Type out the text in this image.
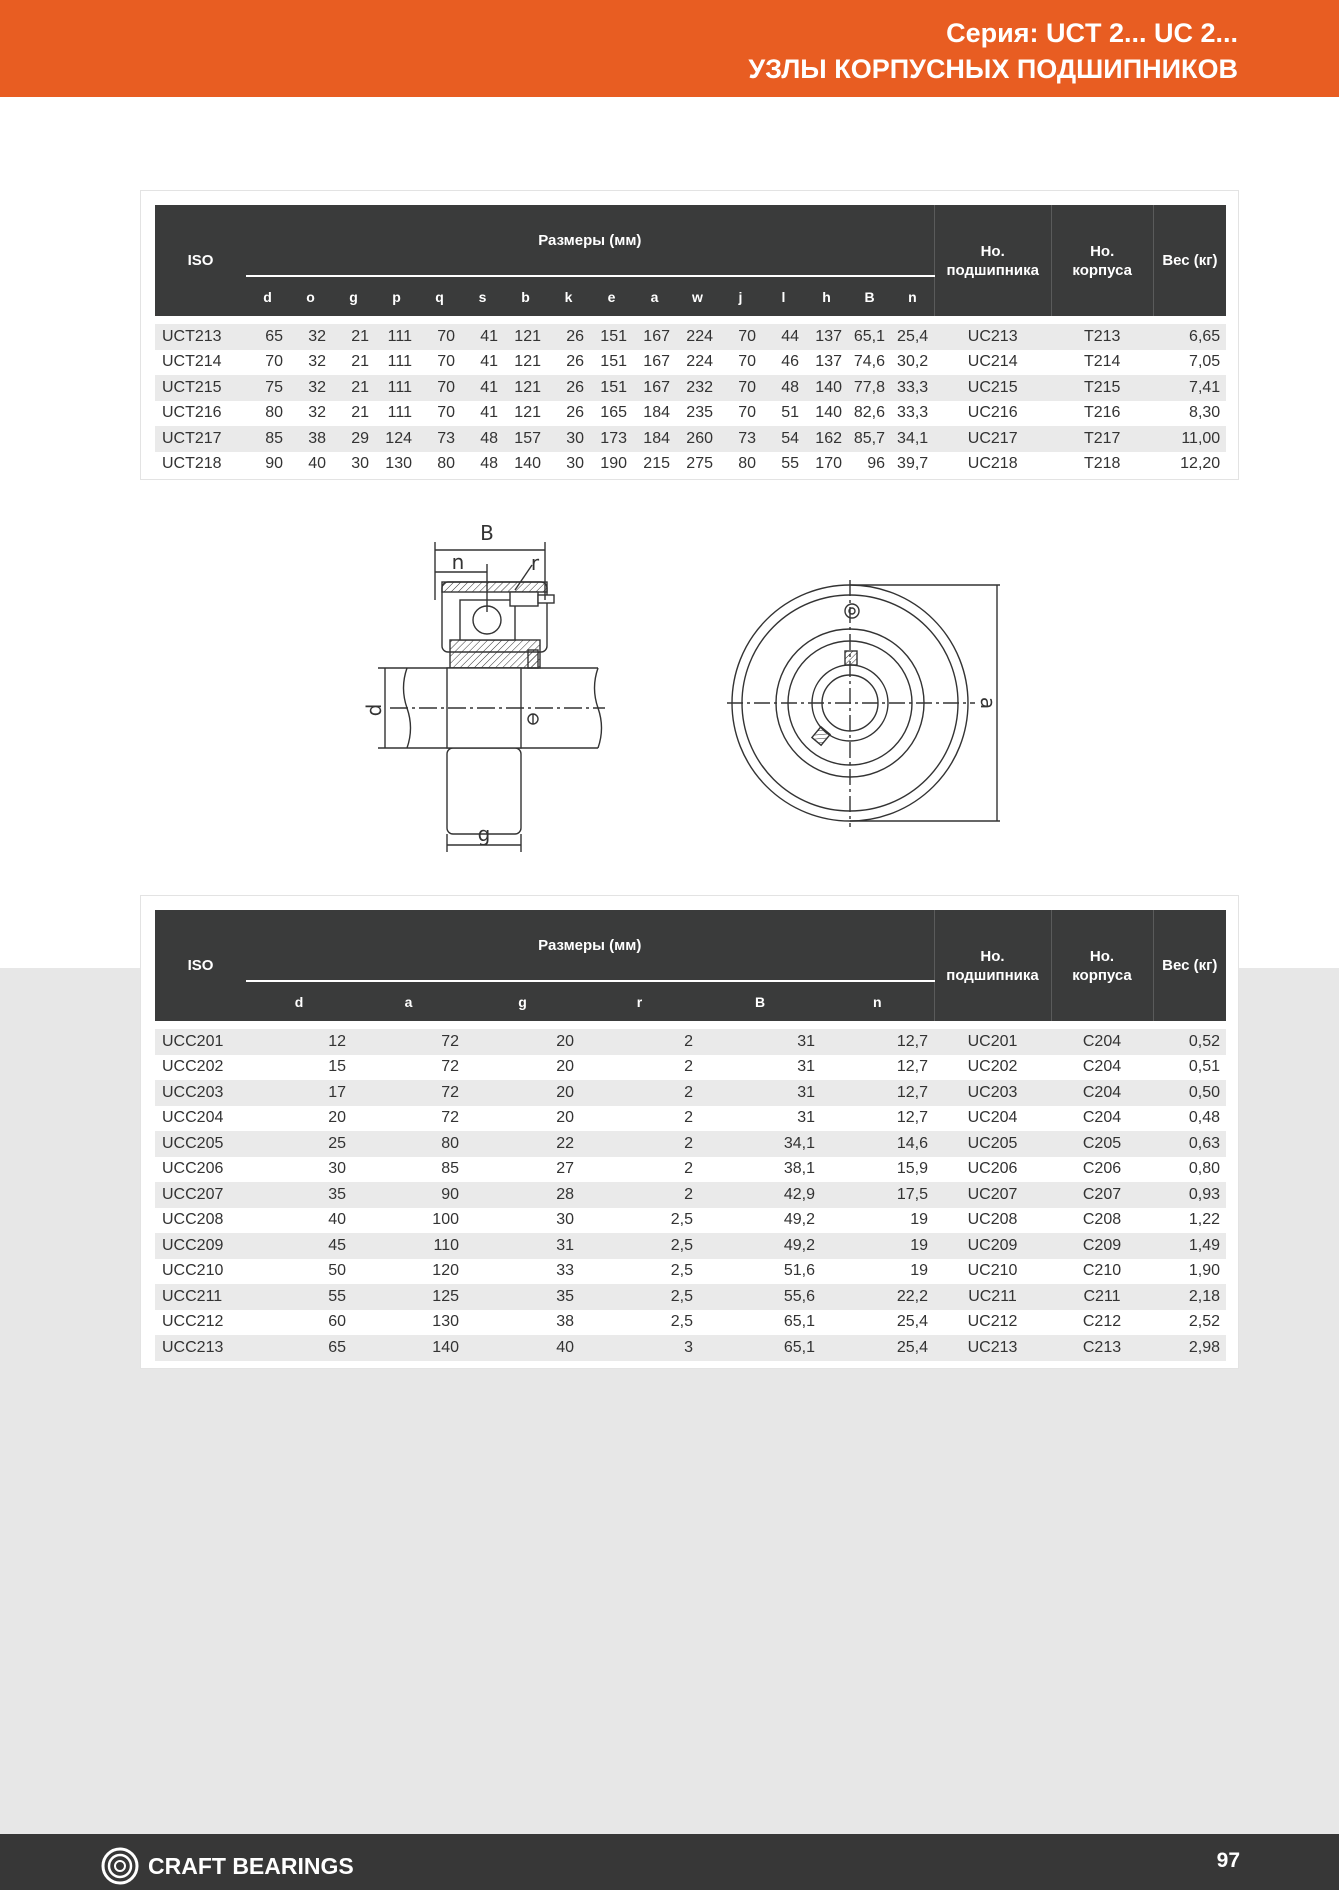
Серия: UCT 2... UC 2...
УЗЛЫ КОРПУСНЫХ ПОДШИПНИКОВ
ISO	Размеры (мм)																Но.
подшипника	Но.
корпуса	Вес (кг)
	d	o	g	p	q	s	b	k	e	a	w	j	l	h	B	n			

UCT213	65	32	21	111	70	41	121	26	151	167	224	70	44	137	65,1	25,4	UC213	T213	6,65
UCT214	70	32	21	111	70	41	121	26	151	167	224	70	46	137	74,6	30,2	UC214	T214	7,05
UCT215	75	32	21	111	70	41	121	26	151	167	232	70	48	140	77,8	33,3	UC215	T215	7,41
UCT216	80	32	21	111	70	41	121	26	165	184	235	70	51	140	82,6	33,3	UC216	T216	8,30
UCT217	85	38	29	124	73	48	157	30	173	184	260	73	54	162	85,7	34,1	UC217	T217	11,00
UCT218	90	40	30	130	80	48	140	30	190	215	275	80	55	170	96	39,7	UC218	T218	12,20
B
n	r
d
g
a
ISO	Размеры (мм)						Но.
подшипника	Но.
корпуса	Вес (кг)
	d	a	g	r	B	n			

UCC201	12	72	20	2	31	12,7	UC201	C204	0,52
UCC202	15	72	20	2	31	12,7	UC202	C204	0,51
UCC203	17	72	20	2	31	12,7	UC203	C204	0,50
UCC204	20	72	20	2	31	12,7	UC204	C204	0,48
UCC205	25	80	22	2	34,1	14,6	UC205	C205	0,63
UCC206	30	85	27	2	38,1	15,9	UC206	C206	0,80
UCC207	35	90	28	2	42,9	17,5	UC207	C207	0,93
UCC208	40	100	30	2,5	49,2	19	UC208	C208	1,22
UCC209	45	110	31	2,5	49,2	19	UC209	C209	1,49
UCC210	50	120	33	2,5	51,6	19	UC210	C210	1,90
UCC211	55	125	35	2,5	55,6	22,2	UC211	C211	2,18
UCC212	60	130	38	2,5	65,1	25,4	UC212	C212	2,52
UCC213	65	140	40	3	65,1	25,4	UC213	C213	2,98
CRAFT BEARINGS	97
